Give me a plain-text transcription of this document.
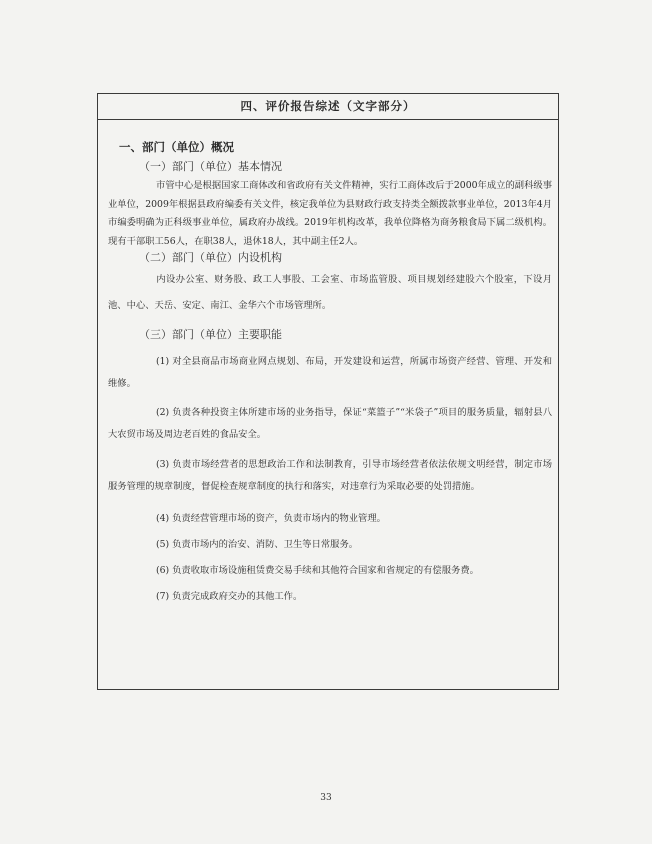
四、评价报告综述（文字部分）
一、部门（单位）概况
（一）部门（单位）基本情况
市管中心是根据国家工商体改和省政府有关文件精神，实行工商体改后于2000年成立的副科级事业单位，2009年根据县政府编委有关文件，核定我单位为县财政行政支持类全额拨款事业单位，2013年4月市编委明确为正科级事业单位，属政府办战线。2019年机构改革，我单位降格为商务粮食局下属二级机构。现有干部职工56人，在职38人，退休18人，其中副主任2人。
（二）部门（单位）内设机构
内设办公室、财务股、政工人事股、工会室、市场监管股、项目规划经建股六个股室，下设月池、中心、天岳、安定、南江、金华六个市场管理所。
（三）部门（单位）主要职能
(1) 对全县商品市场商业网点规划、布局，开发建设和运营，所属市场资产经营、管理、开发和维修。
(2) 负责各种投资主体所建市场的业务指导，保证“菜篮子”“米袋子”项目的服务质量，辐射县八大农贸市场及周边老百姓的食品安全。
(3) 负责市场经营者的思想政治工作和法制教育，引导市场经营者依法依规文明经营，制定市场服务管理的规章制度，督促检查规章制度的执行和落实，对违章行为采取必要的处罚措施。
(4) 负责经营管理市场的资产，负责市场内的物业管理。
(5) 负责市场内的治安、消防、卫生等日常服务。
(6) 负责收取市场设施租赁费交易手续和其他符合国家和省规定的有偿服务费。
(7) 负责完成政府交办的其他工作。
33
